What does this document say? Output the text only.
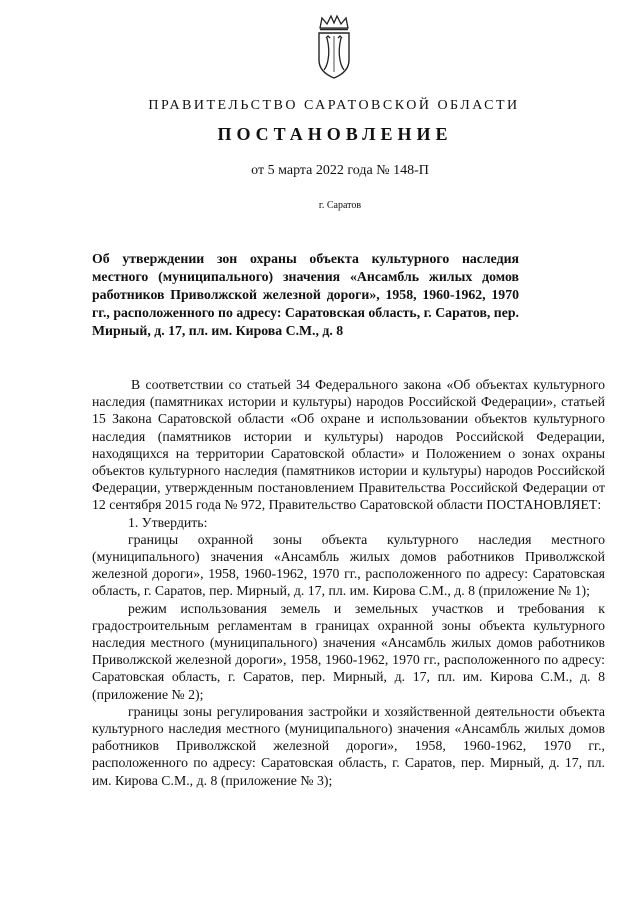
ПРАВИТЕЛЬСТВО САРАТОВСКОЙ ОБЛАСТИ
ПОСТАНОВЛЕНИЕ
от 5 марта 2022 года № 148-П
г. Саратов
Об утверждении зон охраны объекта культурного наследия местного (муниципального) значения «Ансамбль жилых домов работников Приволжской железной дороги», 1958, 1960-1962, 1970 гг., расположенного по адресу: Саратовская область, г. Саратов, пер. Мирный, д. 17, пл. им. Кирова С.М., д. 8

В соответствии со статьей 34 Федерального закона «Об объектах культурного наследия (памятниках истории и культуры) народов Российской Федерации», статьей 15 Закона Саратовской области «Об охране и использовании объектов культурного наследия (памятников истории и культуры) народов Российской Федерации, находящихся на территории Саратовской области» и Положением о зонах охраны объектов культурного наследия (памятников истории и культуры) народов Российской Федерации, утвержденным постановлением Правительства Российской Федерации от 12 сентября 2015 года № 972, Правительство Саратовской области ПОСТАНОВЛЯЕТ:

1. Утвердить:

границы охранной зоны объекта культурного наследия местного (муниципального) значения «Ансамбль жилых домов работников Приволжской железной дороги», 1958, 1960-1962, 1970 гг., расположенного по адресу: Саратовская область, г. Саратов, пер. Мирный, д. 17, пл. им. Кирова С.М., д. 8 (приложение № 1);

режим использования земель и земельных участков и требования к градостроительным регламентам в границах охранной зоны объекта культурного наследия местного (муниципального) значения «Ансамбль жилых домов работников Приволжской железной дороги», 1958, 1960-1962, 1970 гг., расположенного по адресу: Саратовская область, г. Саратов, пер. Мирный, д. 17, пл. им. Кирова С.М., д. 8 (приложение № 2);

границы зоны регулирования застройки и хозяйственной деятельности объекта культурного наследия местного (муниципального) значения «Ансамбль жилых домов работников Приволжской железной дороги», 1958, 1960-1962, 1970 гг., расположенного по адресу: Саратовская область, г. Саратов, пер. Мирный, д. 17, пл. им. Кирова С.М., д. 8 (приложение № 3);
